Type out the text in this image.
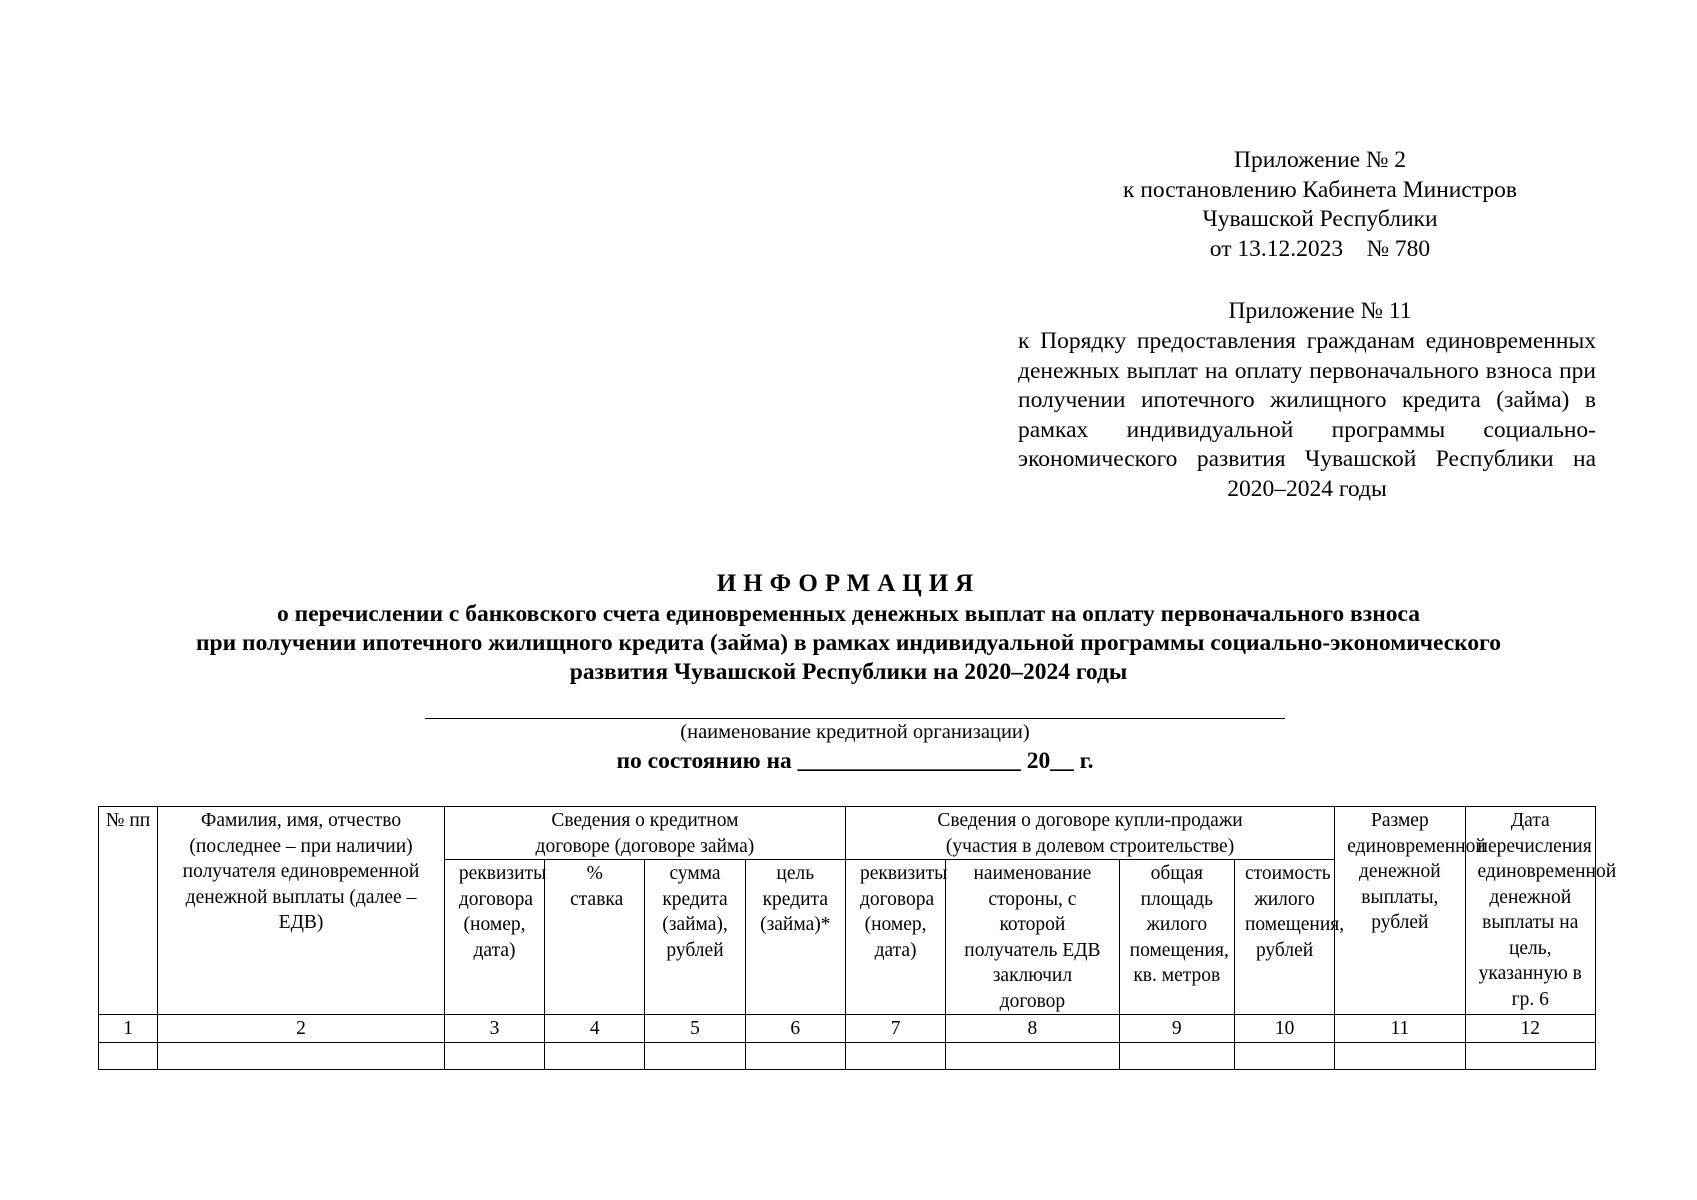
Приложение № 2
к постановлению Кабинета Министров
Чувашской Республики
от 13.12.2023    № 780
Приложение № 11
к Порядку предоставления гражданам единовременных денежных выплат на оплату первоначального взноса при получении ипотечного жилищного кредита (займа) в рамках индивидуальной программы социально-экономического развития Чувашской Республики на 2020–2024 годы
ИНФОРМАЦИЯ
о перечислении с банковского счета единовременных денежных выплат на оплату первоначального взноса
при получении ипотечного жилищного кредита (займа) в рамках индивидуальной программы социально-экономического
развития Чувашской Республики на 2020–2024 годы
(наименование кредитной организации)
по состоянию на ___________________ 20__ г.
№ пп	Фамилия, имя, отчество (последнее – при наличии) получателя единовременной денежной выплаты (далее – ЕДВ)	Сведения о кредитном договоре (договоре займа)				Сведения о договоре купли-продажи (участия в долевом строительстве)				Размер единовременной денежной выплаты, рублей	Дата перечисления единовременной денежной выплаты на цель, указанную в гр. 6
		реквизиты договора (номер, дата)	% ставка	сумма кредита (займа), рублей	цель кредита (займа)*	реквизиты договора (номер, дата)	наименование стороны, с которой получатель ЕДВ заключил договор	общая площадь жилого помещения, кв. метров	стоимость жилого помещения, рублей		
1	2	3	4	5	6	7	8	9	10	11	12
